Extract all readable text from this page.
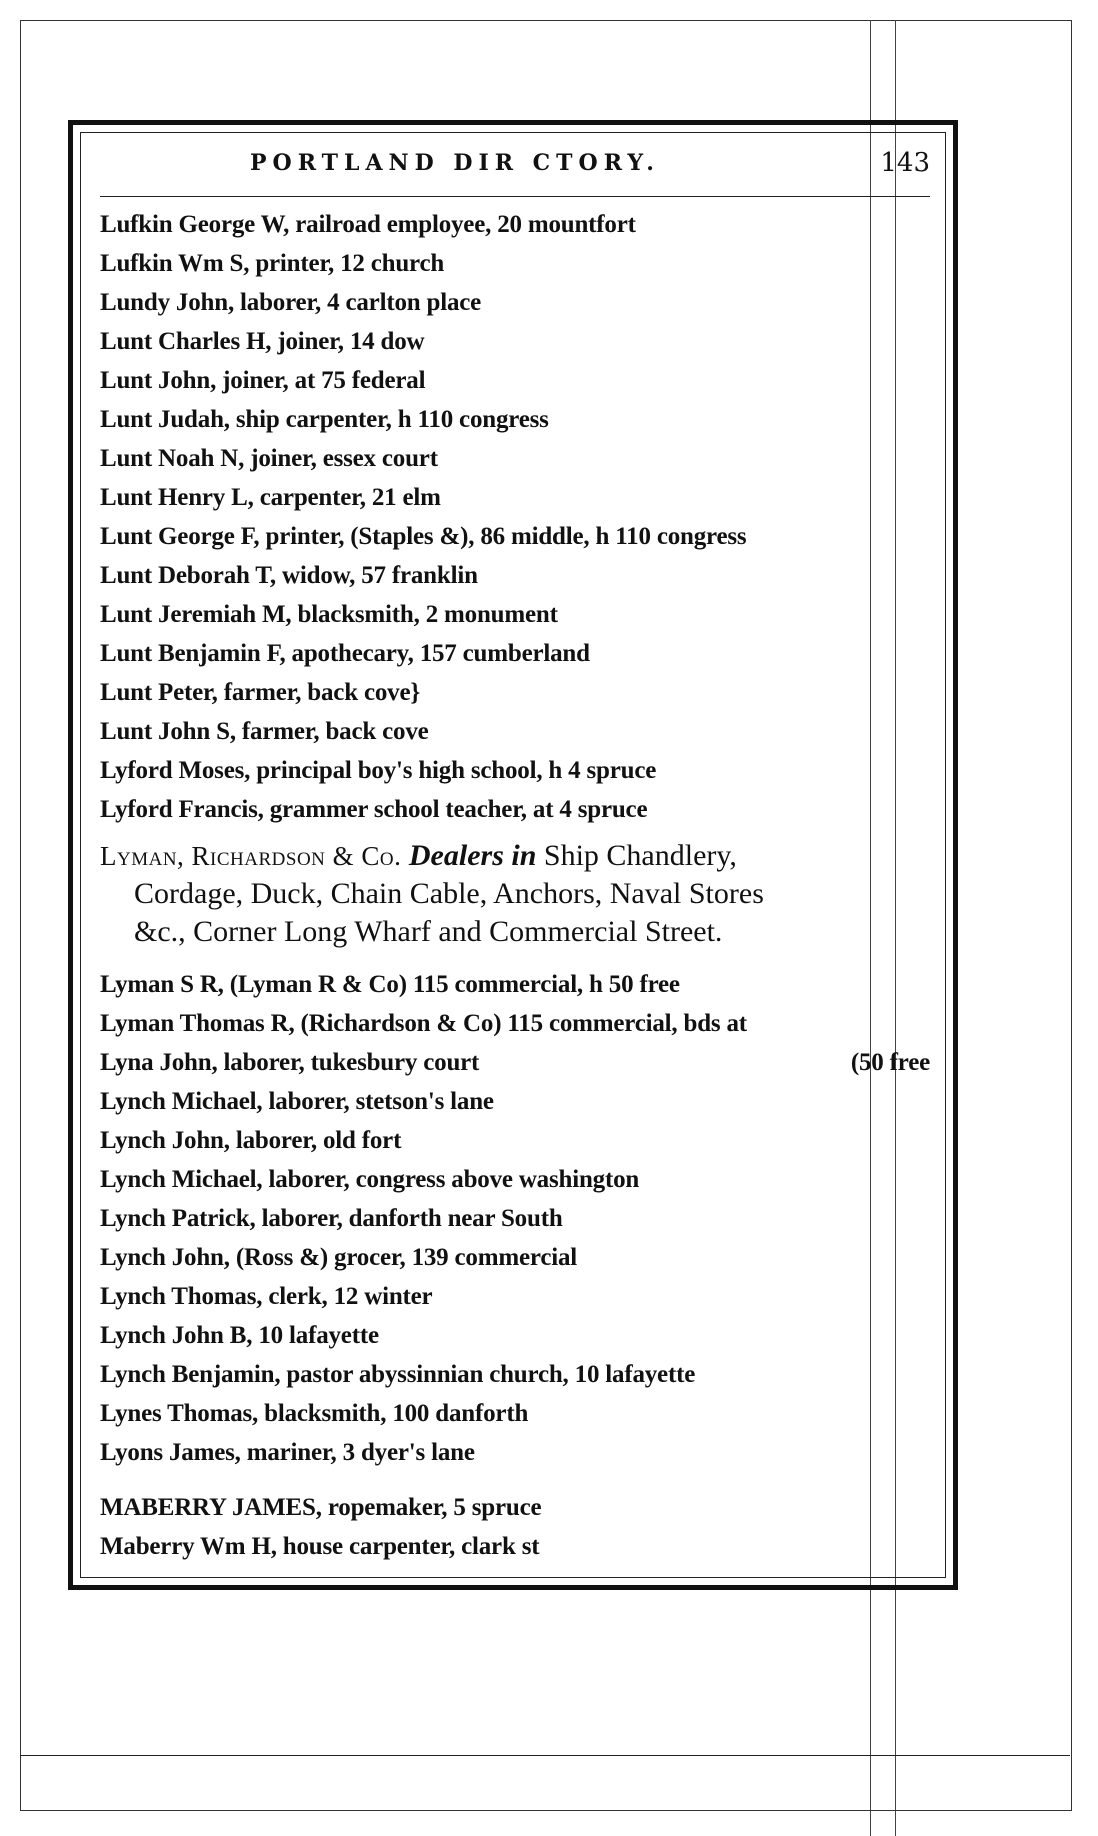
PORTLAND DIR CTORY.	143
Lufkin George W, railroad employee, 20 mountfort
Lufkin Wm S, printer, 12 church
Lundy John, laborer, 4 carlton place
Lunt Charles H, joiner, 14 dow
Lunt John, joiner, at 75 federal
Lunt Judah, ship carpenter, h 110 congress
Lunt Noah N, joiner, essex court
Lunt Henry L, carpenter, 21 elm
Lunt George F, printer, (Staples &), 86 middle, h 110 congress
Lunt Deborah T, widow, 57 franklin
Lunt Jeremiah M, blacksmith, 2 monument
Lunt Benjamin F, apothecary, 157 cumberland
Lunt Peter, farmer, back cove}
Lunt John S, farmer, back cove
Lyford Moses, principal boy's high school, h 4 spruce
Lyford Francis, grammer school teacher, at 4 spruce
Lyman, Richardson & Co. Dealers in Ship Chandlery,
Cordage, Duck, Chain Cable, Anchors, Naval Stores
&c., Corner Long Wharf and Commercial Street.
Lyman S R, (Lyman R & Co) 115 commercial, h 50 free
Lyman Thomas R, (Richardson & Co) 115 commercial, bds at
Lyna John, laborer, tukesbury court	(50 free
Lynch Michael, laborer, stetson's lane
Lynch John, laborer, old fort
Lynch Michael, laborer, congress above washington
Lynch Patrick, laborer, danforth near South
Lynch John, (Ross &) grocer, 139 commercial
Lynch Thomas, clerk, 12 winter
Lynch John B, 10 lafayette
Lynch Benjamin, pastor abyssinnian church, 10 lafayette
Lynes Thomas, blacksmith, 100 danforth
Lyons James, mariner, 3 dyer's lane
MABERRY JAMES, ropemaker, 5 spruce
Maberry Wm H, house carpenter, clark st
